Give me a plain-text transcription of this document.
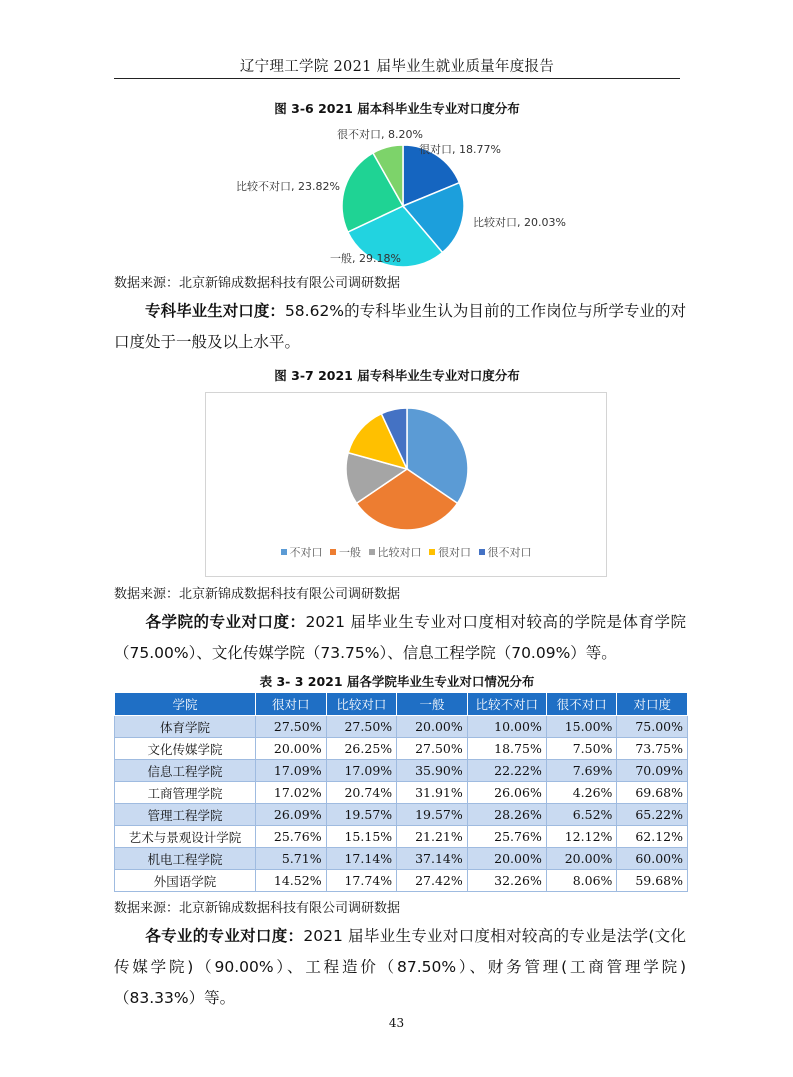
辽宁理工学院 2021 届毕业生就业质量年度报告
图 3-6 2021 届本科毕业生专业对口度分布
比较对口, 20.03%
很对口, 18.77%
一般, 29.18%
比较不对口, 23.82%
很不对口, 8.20%
数据来源：北京新锦成数据科技有限公司调研数据
专科毕业生对口度：58.62%的专科毕业生认为目前的工作岗位与所学专业的对口度处于一般及以上水平。
图 3-7 2021 届专科毕业生专业对口度分布
不对口 一般 比较对口 很对口 很不对口
数据来源：北京新锦成数据科技有限公司调研数据
各学院的专业对口度：2021 届毕业生专业对口度相对较高的学院是体育学院（75.00%）、文化传媒学院（73.75%）、信息工程学院（70.09%）等。
表 3- 3 2021 届各学院毕业生专业对口情况分布
学院	很对口	比较对口	一般	比较不对口	很不对口	对口度
体育学院	27.50%	27.50%	20.00%	10.00%	15.00%	75.00%
文化传媒学院	20.00%	26.25%	27.50%	18.75%	7.50%	73.75%
信息工程学院	17.09%	17.09%	35.90%	22.22%	7.69%	70.09%
工商管理学院	17.02%	20.74%	31.91%	26.06%	4.26%	69.68%
管理工程学院	26.09%	19.57%	19.57%	28.26%	6.52%	65.22%
艺术与景观设计学院	25.76%	15.15%	21.21%	25.76%	12.12%	62.12%
机电工程学院	5.71%	17.14%	37.14%	20.00%	20.00%	60.00%
外国语学院	14.52%	17.74%	27.42%	32.26%	8.06%	59.68%
数据来源：北京新锦成数据科技有限公司调研数据
各专业的专业对口度：2021 届毕业生专业对口度相对较高的专业是法学(文化传媒学院)（90.00%）、工程造价（87.50%）、财务管理(工商管理学院)（83.33%）等。
43
